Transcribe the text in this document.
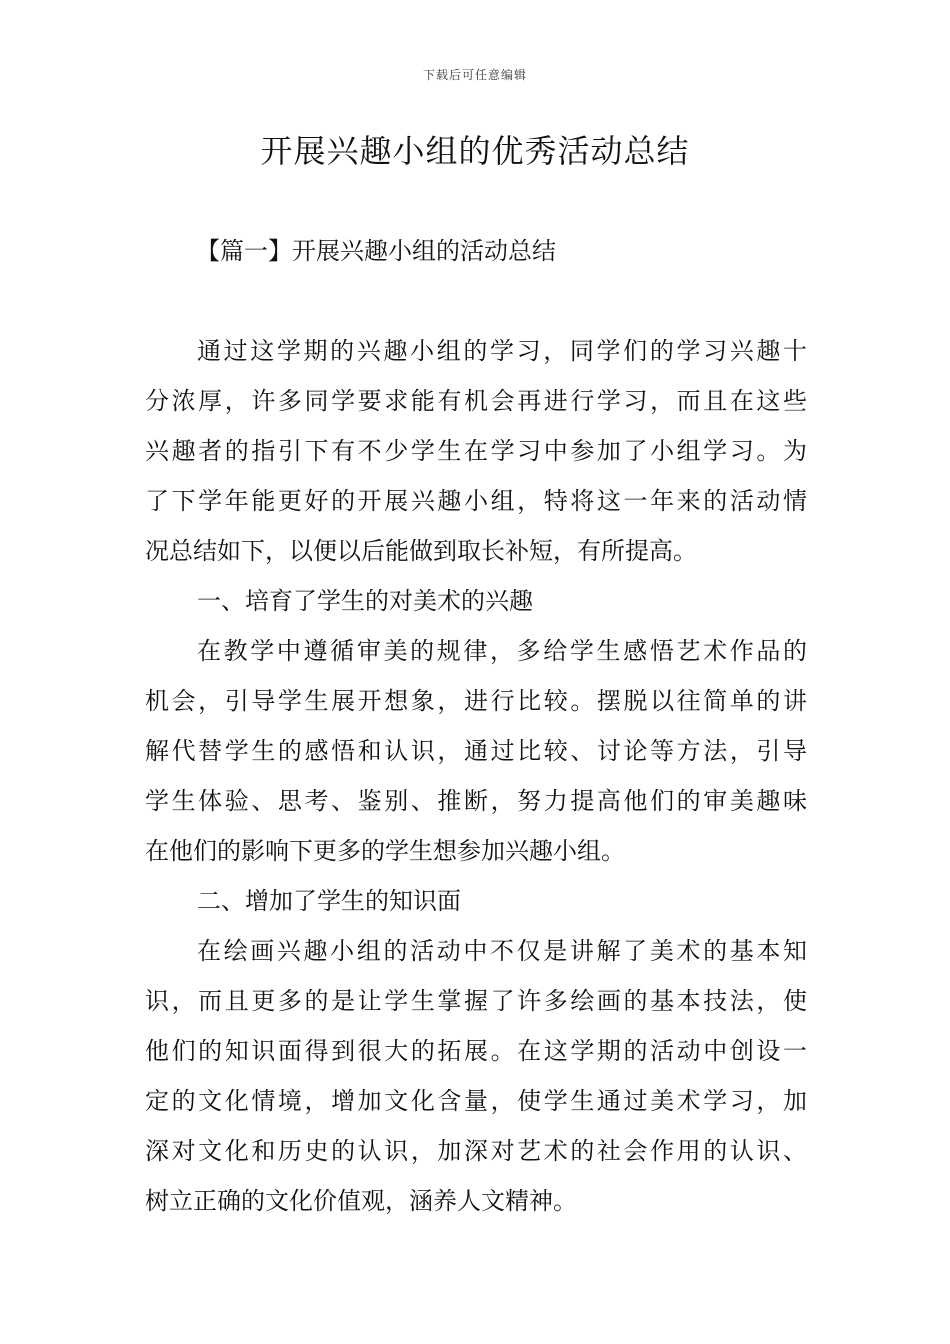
下载后可任意编辑
开展兴趣小组的优秀活动总结
【篇一】开展兴趣小组的活动总结
通过这学期的兴趣小组的学习，同学们的学习兴趣十
分浓厚，许多同学要求能有机会再进行学习，而且在这些
兴趣者的指引下有不少学生在学习中参加了小组学习。为
了下学年能更好的开展兴趣小组，特将这一年来的活动情
况总结如下，以便以后能做到取长补短，有所提高。
一、培育了学生的对美术的兴趣
在教学中遵循审美的规律，多给学生感悟艺术作品的
机会，引导学生展开想象，进行比较。摆脱以往简单的讲
解代替学生的感悟和认识，通过比较、讨论等方法，引导
学生体验、思考、鉴别、推断，努力提高他们的审美趣味
在他们的影响下更多的学生想参加兴趣小组。
二、增加了学生的知识面
在绘画兴趣小组的活动中不仅是讲解了美术的基本知
识，而且更多的是让学生掌握了许多绘画的基本技法，使
他们的知识面得到很大的拓展。在这学期的活动中创设一
定的文化情境，增加文化含量，使学生通过美术学习，加
深对文化和历史的认识，加深对艺术的社会作用的认识、
树立正确的文化价值观，涵养人文精神。
